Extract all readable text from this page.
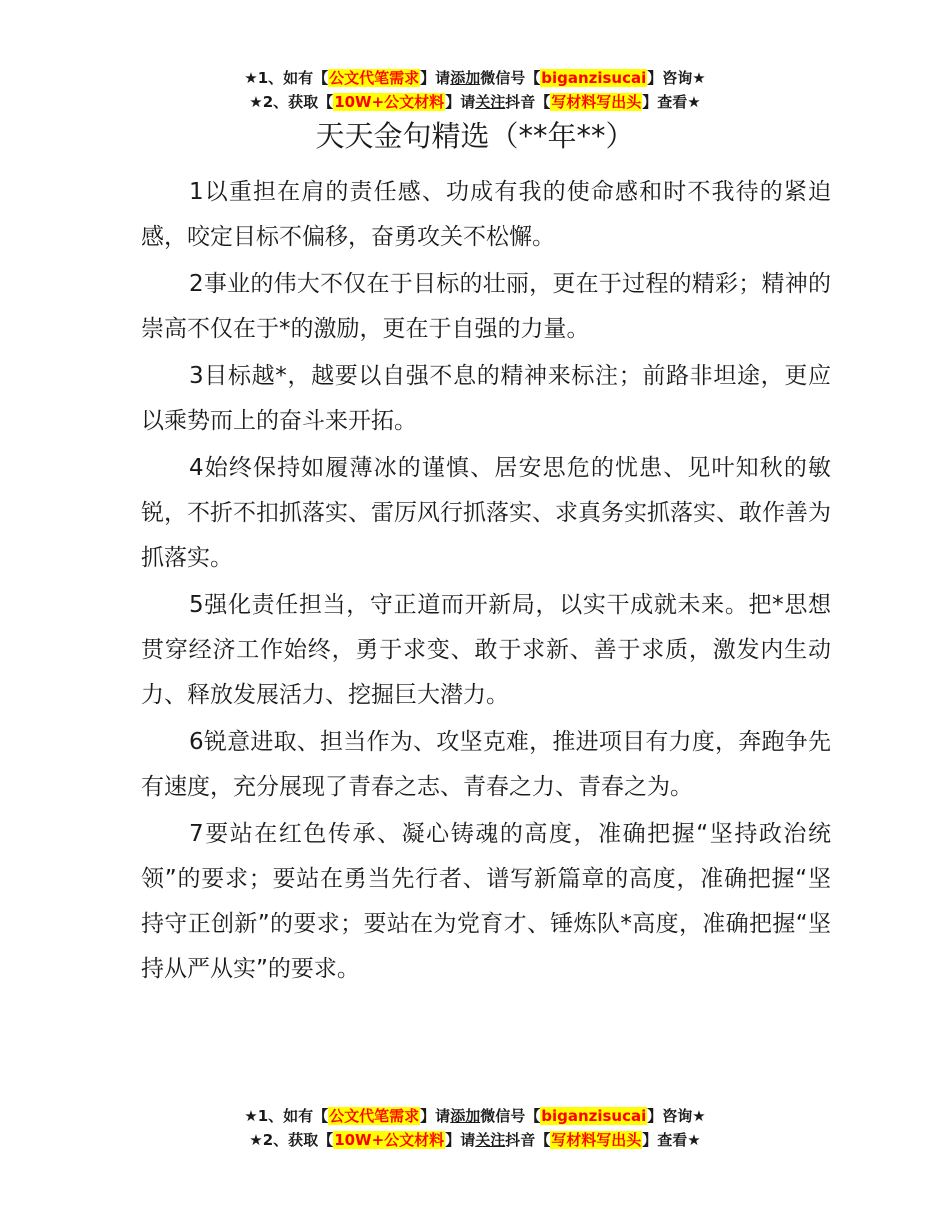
★1、如有【公文代笔需求】请添加微信号【biganzisucai】咨询★
★2、获取【10W+公文材料】请关注抖音【写材料写出头】查看★
天天金句精选（**年**）

1以重担在肩的责任感、功成有我的使命感和时不我待的紧迫感，咬定目标不偏移，奋勇攻关不松懈。

2事业的伟大不仅在于目标的壮丽，更在于过程的精彩；精神的崇高不仅在于*的激励，更在于自强的力量。

3目标越*，越要以自强不息的精神来标注；前路非坦途，更应以乘势而上的奋斗来开拓。

4始终保持如履薄冰的谨慎、居安思危的忧患、见叶知秋的敏锐，不折不扣抓落实、雷厉风行抓落实、求真务实抓落实、敢作善为抓落实。

5强化责任担当，守正道而开新局，以实干成就未来。把*思想贯穿经济工作始终，勇于求变、敢于求新、善于求质，激发内生动力、释放发展活力、挖掘巨大潜力。

6锐意进取、担当作为、攻坚克难，推进项目有力度，奔跑争先有速度，充分展现了青春之志、青春之力、青春之为。

7要站在红色传承、凝心铸魂的高度，准确把握“坚持政治统领”的要求；要站在勇当先行者、谱写新篇章的高度，准确把握“坚持守正创新”的要求；要站在为党育才、锤炼队*高度，准确把握“坚持从严从实”的要求。

★1、如有【公文代笔需求】请添加微信号【biganzisucai】咨询★
★2、获取【10W+公文材料】请关注抖音【写材料写出头】查看★
